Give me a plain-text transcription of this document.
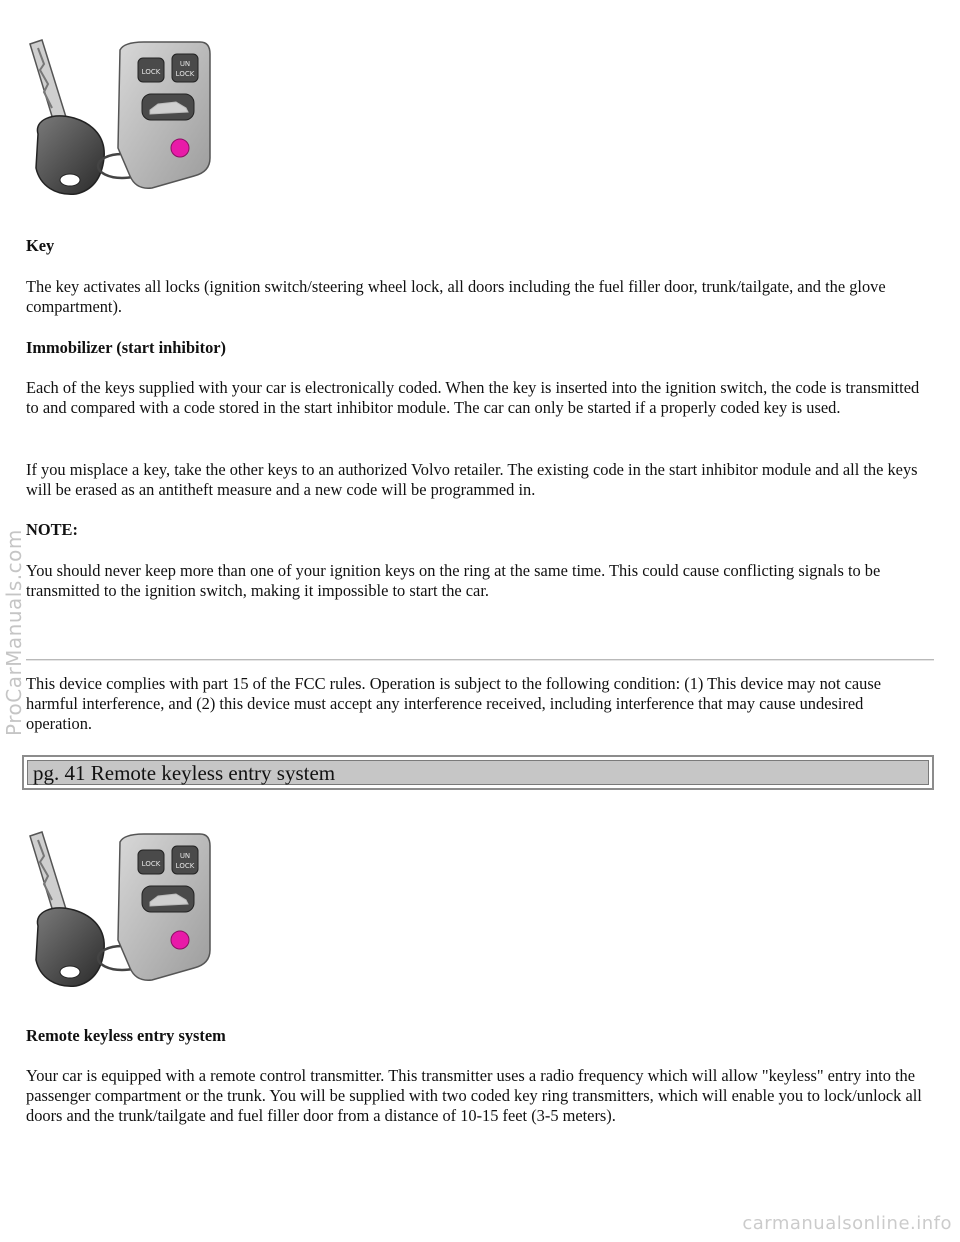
LOCK
UN
LOCK

Key

The key activates all locks (ignition switch/steering wheel lock, all doors including the fuel filler door, trunk/tailgate, and the glove compartment).

Immobilizer (start inhibitor)

Each of the keys supplied with your car is electronically coded. When the key is inserted into the ignition switch, the code is transmitted to and compared with a code stored in the start inhibitor module. The car can only be started if a properly coded key is used.

If you misplace a key, take the other keys to an authorized Volvo retailer. The existing code in the start inhibitor module and all the keys will be erased as an antitheft measure and a new code will be programmed in.

NOTE:

You should never keep more than one of your ignition keys on the ring at the same time. This could cause conflicting signals to be transmitted to the ignition switch, making it impossible to start the car.

This device complies with part 15 of the FCC rules. Operation is subject to the following condition: (1) This device may not cause harmful interference, and (2) this device must accept any interference received, including interference that may cause undesired operation.

pg. 41 Remote keyless entry system
LOCK
UN
LOCK

Remote keyless entry system

Your car is equipped with a remote control transmitter. This transmitter uses a radio frequency which will allow "keyless" entry into the passenger compartment or the trunk. You will be supplied with two coded key ring transmitters, which will enable you to lock/unlock all doors and the trunk/tailgate and fuel filler door from a distance of 10-15 feet (3-5 meters).

ProCarManuals.com
carmanualsonline.info
